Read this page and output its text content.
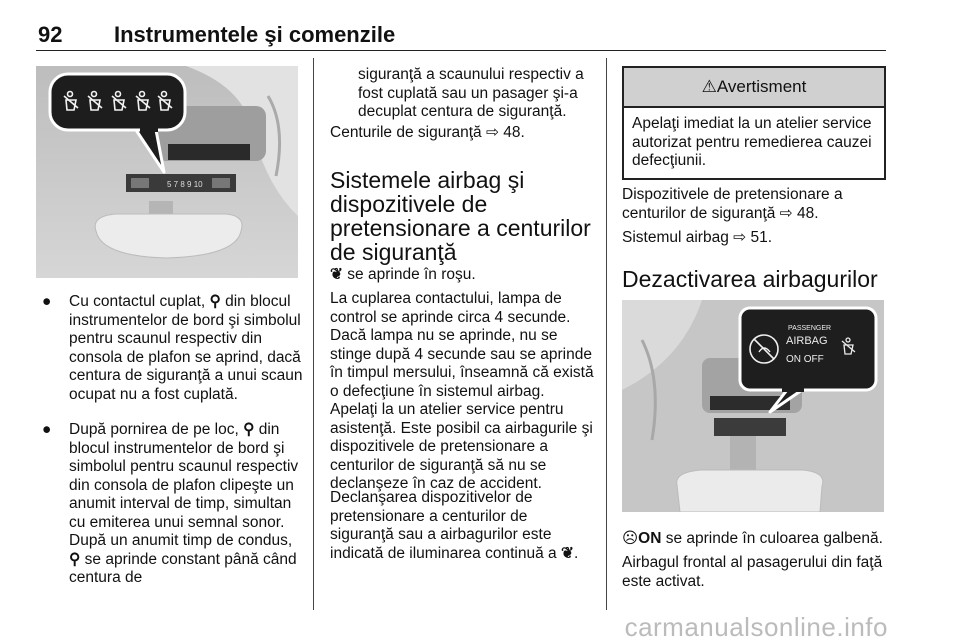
92 Instrumentele şi comenzile
5 7 8 9 10
● Cu contactul cuplat, ⚲ din blocul instrumentelor de bord şi simbolul pentru scaunul respectiv din consola de plafon se aprind, dacă centura de siguranţă a unui scaun ocupat nu a fost cuplată.
● După pornirea de pe loc, ⚲ din blocul instrumentelor de bord şi simbolul pentru scaunul respectiv din consola de plafon clipeşte un anumit interval de timp, simultan cu emiterea unui semnal sonor. După un anumit timp de condus, ⚲ se aprinde constant până când centura de
siguranţă a scaunului respectiv a fost cuplată sau un pasager şi-a decuplat centura de siguranţă.
Centurile de siguranţă ⇨ 48.
Sistemele airbag şi dispozitivele de pretensionare a centurilor de siguranţă
❦ se aprinde în roşu.
La cuplarea contactului, lampa de control se aprinde circa 4 secunde. Dacă lampa nu se aprinde, nu se stinge după 4 secunde sau se aprinde în timpul mersului, înseamnă că există o defecţiune în sistemul airbag. Apelaţi la un atelier service pentru asistenţă. Este posibil ca airbagurile şi dispozitivele de pretensionare a centurilor de siguranţă să nu se declanşeze în caz de accident.
Declanşarea dispozitivelor de pretensionare a centurilor de siguranţă sau a airbagurilor este indicată de iluminarea continuă a ❦.
⚠ Avertisment
Apelaţi imediat la un atelier service autorizat pentru remedierea cauzei defecţiunii.
Dispozitivele de pretensionare a centurilor de siguranţă ⇨ 48.
Sistemul airbag ⇨ 51.
Dezactivarea airbagurilor
PASSENGER
AIRBAG
ON OFF
☹ON se aprinde în culoarea galbenă.
Airbagul frontal al pasagerului din faţă este activat.
carmanualsonline.info
